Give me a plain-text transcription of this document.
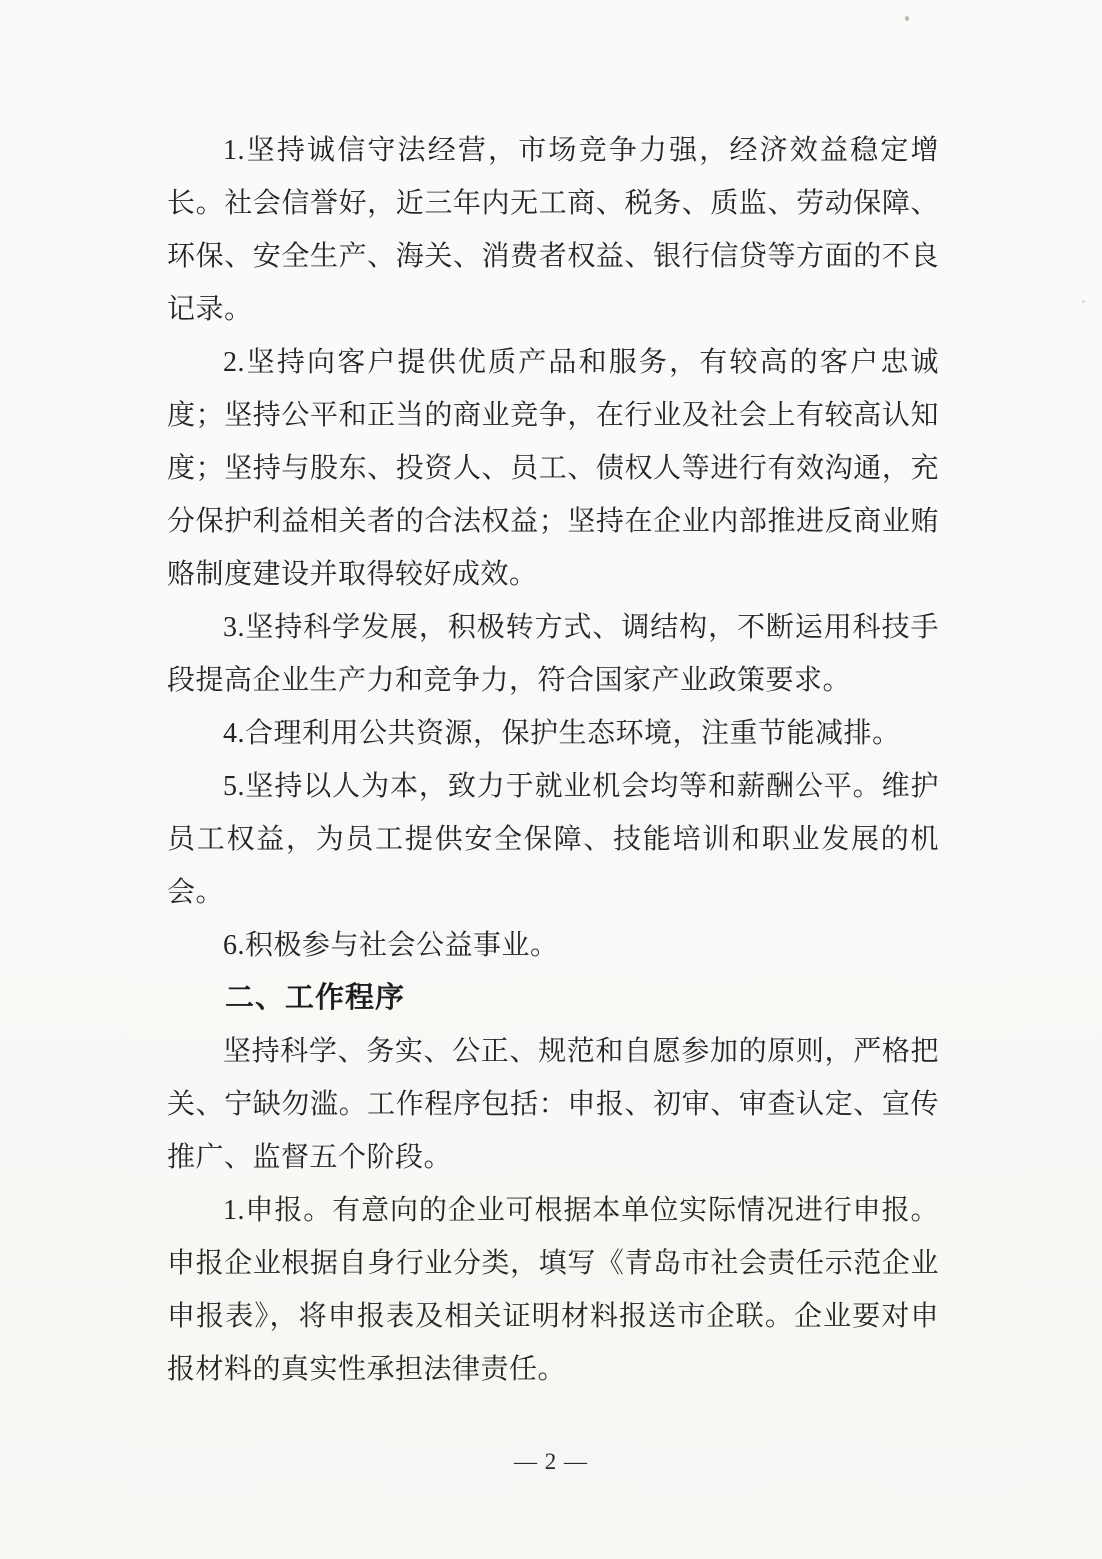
1.坚持诚信守法经营，市场竞争力强，经济效益稳定增长。社会信誉好，近三年内无工商、税务、质监、劳动保障、环保、安全生产、海关、消费者权益、银行信贷等方面的不良记录。

2.坚持向客户提供优质产品和服务，有较高的客户忠诚度；坚持公平和正当的商业竞争，在行业及社会上有较高认知度；坚持与股东、投资人、员工、债权人等进行有效沟通，充分保护利益相关者的合法权益；坚持在企业内部推进反商业贿赂制度建设并取得较好成效。

3.坚持科学发展，积极转方式、调结构，不断运用科技手段提高企业生产力和竞争力，符合国家产业政策要求。

4.合理利用公共资源，保护生态环境，注重节能减排。

5.坚持以人为本，致力于就业机会均等和薪酬公平。维护员工权益，为员工提供安全保障、技能培训和职业发展的机会。

6.积极参与社会公益事业。

二、工作程序

坚持科学、务实、公正、规范和自愿参加的原则，严格把关、宁缺勿滥。工作程序包括：申报、初审、审查认定、宣传推广、监督五个阶段。

1.申报。有意向的企业可根据本单位实际情况进行申报。申报企业根据自身行业分类，填写《青岛市社会责任示范企业申报表》，将申报表及相关证明材料报送市企联。企业要对申报材料的真实性承担法律责任。

— 2 —
